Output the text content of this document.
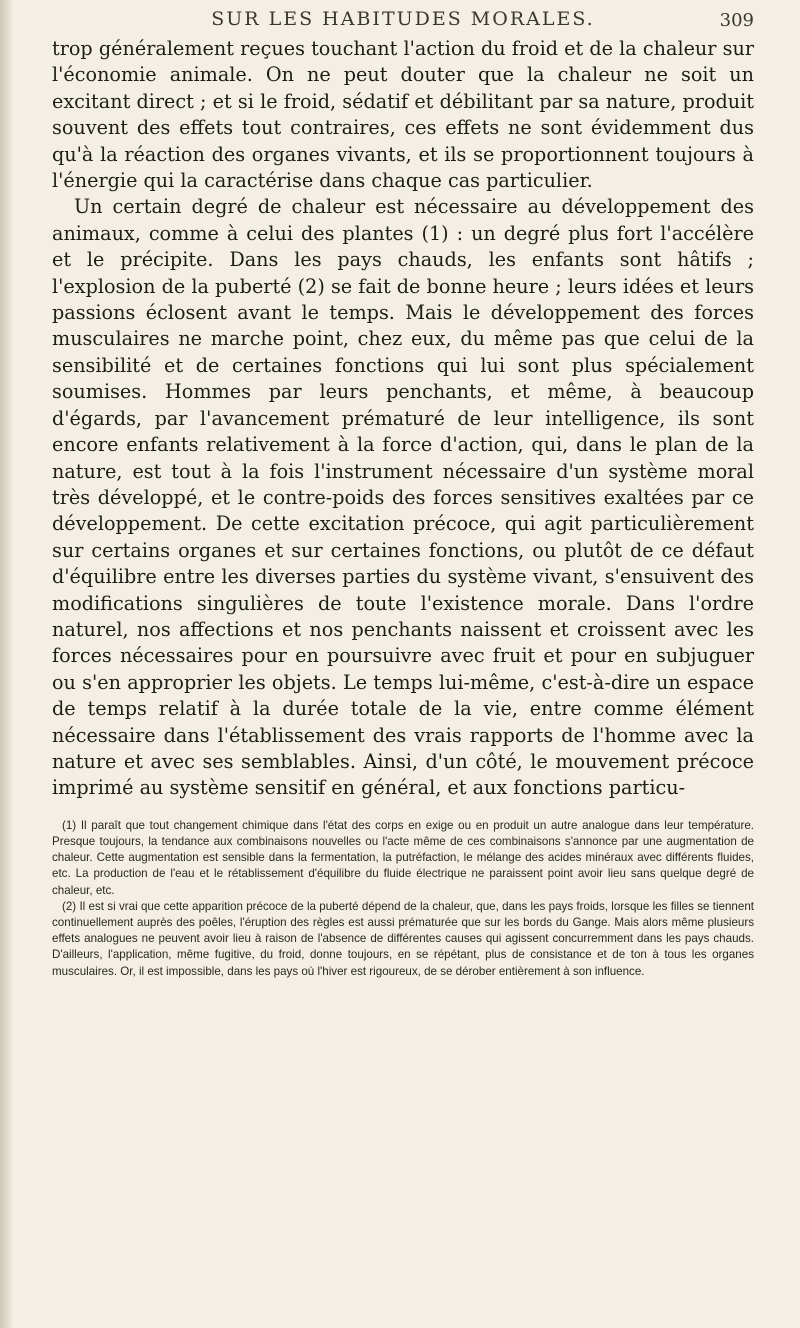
SUR LES HABITUDES MORALES.	309

trop généralement reçues touchant l'action du froid et de la chaleur sur l'économie animale. On ne peut douter que la chaleur ne soit un excitant direct ; et si le froid, sédatif et débilitant par sa nature, produit souvent des effets tout contraires, ces effets ne sont évidemment dus qu'à la réaction des organes vivants, et ils se proportionnent toujours à l'énergie qui la caractérise dans chaque cas particulier.

Un certain degré de chaleur est nécessaire au développement des animaux, comme à celui des plantes (1) : un degré plus fort l'accélère et le précipite. Dans les pays chauds, les enfants sont hâtifs ; l'explosion de la puberté (2) se fait de bonne heure ; leurs idées et leurs passions éclosent avant le temps. Mais le développement des forces musculaires ne marche point, chez eux, du même pas que celui de la sensibilité et de certaines fonctions qui lui sont plus spécialement soumises. Hommes par leurs penchants, et même, à beaucoup d'égards, par l'avancement prématuré de leur intelligence, ils sont encore enfants relativement à la force d'action, qui, dans le plan de la nature, est tout à la fois l'instrument nécessaire d'un système moral très développé, et le contre-poids des forces sensitives exaltées par ce développement. De cette excitation précoce, qui agit particulièrement sur certains organes et sur certaines fonctions, ou plutôt de ce défaut d'équilibre entre les diverses parties du système vivant, s'ensuivent des modifications singulières de toute l'existence morale. Dans l'ordre naturel, nos affections et nos penchants naissent et croissent avec les forces nécessaires pour en poursuivre avec fruit et pour en subjuguer ou s'en approprier les objets. Le temps lui-même, c'est-à-dire un espace de temps relatif à la durée totale de la vie, entre comme élément nécessaire dans l'établissement des vrais rapports de l'homme avec la nature et avec ses semblables. Ainsi, d'un côté, le mouvement précoce imprimé au système sensitif en général, et aux fonctions particu-

(1) Il paraît que tout changement chimique dans l'état des corps en exige ou en produit un autre analogue dans leur température. Presque toujours, la tendance aux combinaisons nouvelles ou l'acte même de ces combinaisons s'annonce par une augmentation de chaleur. Cette augmentation est sensible dans la fermentation, la putréfaction, le mélange des acides minéraux avec différents fluides, etc. La production de l'eau et le rétablissement d'équilibre du fluide électrique ne paraissent point avoir lieu sans quelque degré de chaleur, etc.

(2) Il est si vrai que cette apparition précoce de la puberté dépend de la chaleur, que, dans les pays froids, lorsque les filles se tiennent continuellement auprès des poêles, l'éruption des règles est aussi prématurée que sur les bords du Gange. Mais alors même plusieurs effets analogues ne peuvent avoir lieu à raison de l'absence de différentes causes qui agissent concurremment dans les pays chauds. D'ailleurs, l'application, même fugitive, du froid, donne toujours, en se répétant, plus de consistance et de ton à tous les organes musculaires. Or, il est impossible, dans les pays où l'hiver est rigoureux, de se dérober entièrement à son influence.
